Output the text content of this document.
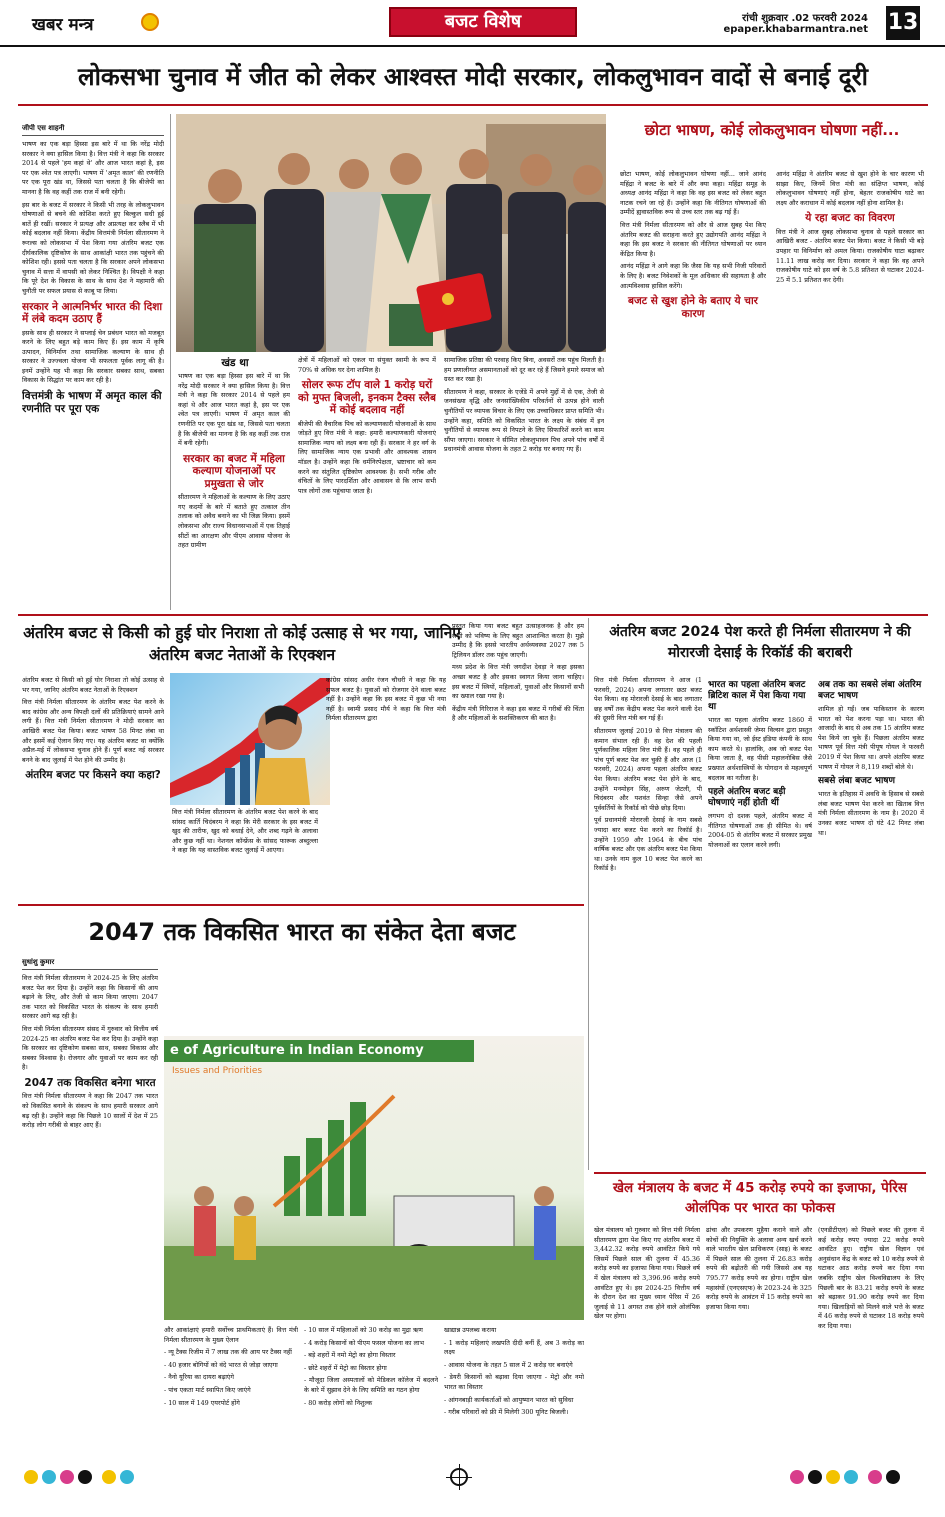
खबर मन्त्र	बजट विशेष	रांची शुक्रवार .02 फरवरी 2024
epaper.khabarmantra.net 13
लोकसभा चुनाव में जीत को लेकर आश्वस्त मोदी सरकार, लोकलुभावन वादों से बनाई दूरी
जीपी एस शाहनी

भाषण का एक बड़ा हिस्सा इस बारे में था कि नरेंद्र मोदी सरकार ने क्या हासिल किया है। वित्त मंत्री ने कहा कि सरकार 2014 से पहले 'हम कहां थे' और आज भारत कहां है, इस पर एक श्वेत पत्र लाएगी। भाषण में 'अमृत काल' की रणनीति पर एक पूरा खंड था, जिससे पता चलता है कि बीजेपी का मानना है कि वह कहीं तक राज में बनी रहेगी।

इस बार के बजट में सरकार ने किसी भी तरह के लोकलुभावन घोषणाओं से बचने की कोशिश करते हुए बिल्कुल सधी हुई बातें ही रखीं। सरकार ने प्रत्यक्ष और अप्रत्यक्ष कर स्लैब में भी कोई बदलाव नहीं किया। केंद्रीय वित्तमंत्री निर्मला सीतारमण ने रूरल्स को लोकसभा में पेश किया गया अंतरिम बजट एक दीर्घकालिक दृष्टिकोण के साथ आकांक्षी भारत तक पहुंचने की कोशिश रही। इससे पता चलता है कि सरकार अपने लोकसभा चुनाव में सत्ता में वापसी को लेकर निश्चित है। विपक्षी ने कहा कि पूरे देश के विकास के साथ के साथ देश ने महामारी की चुनौती पर सफल प्रयास से काबू पा लिया।

सरकार ने आत्मनिर्भर भारत की दिशा में लंबे कदम उठाए हैं

इसके साथ ही सरकार ने सप्लाई चेन प्रबंधन भारत को मजबूत करने के लिए बहुत बड़े काम किए हैं। इस काम में कृषि उत्पादन, विनिर्माण तथा सामाजिक कल्याण के साथ ही सरकार ने उज्ज्वला योजना भी सफलता पूर्वक लागू की है। इनमें उन्होंने यह भी कहा कि सरकार सबका साथ, सबका विकास के सिद्धांत पर काम कर रही है।

वित्तमंत्री के भाषण में अमृत काल की रणनीति पर पूरा एक
खंड था

भाषण का एक बड़ा हिस्सा इस बारे में था कि नरेंद्र मोदी सरकार ने क्या हासिल किया है। वित्त मंत्री ने कहा कि सरकार 2014 से पहले हम कहां थे और आज भारत कहां है, इस पर एक श्वेत पत्र लाएगी। भाषण में अमृत काल की रणनीति पर एक पूरा खंड था, जिससे पता चलता है कि बीजेपी का मानना है कि वह कहीं तक राज में बनी रहेगी।

सरकार का बजट में महिला कल्याण योजनाओं पर प्रमुखता से जोर

सीतारमण ने महिलाओं के कल्याण के लिए उठाए गए कदमों के बारे में बताते हुए तत्काल तीन तलाक को अवैध बनाने का भी जिक्र किया। इसमें लोकसभा और राज्य विधानसभाओं में एक तिहाई सीटों का आरक्षण और पीएम आवास योजना के तहत ग्रामीण

क्षेत्रों में महिलाओं को एकल या संयुक्त स्वामी के रूप में 70% से अधिक घर देना शामिल है।

सोलर रूफ टॉप वाले 1 करोड़ घरों को मुफ्त बिजली, इनकम टैक्स स्लैब में कोई बदलाव नहीं

बीजेपी की वैचारिक पिच को कल्याणकारी योजनाओं के साथ जोड़ते हुए वित्त मंत्री ने कहा: हमारी कल्याणकारी योजनाएं सामाजिक न्याय को लक्ष्य बना रही हैं। सरकार ने हर वर्ग के लिए सामाजिक न्याय एक प्रभावी और आवश्यक शासन मॉडल है। उन्होंने कहा कि धर्मनिरपेक्षता, भ्रष्टाचार को कम करने का संतुलित दृष्टिकोण आवश्यक है। सभी गरीब और वंचितों के लिए पारदर्शिता और आवासन से कि लाभ सभी पात्र लोगों तक पहुंचाया जाता है।

सामाजिक प्रतिष्ठा की परवाह किए बिना, अवसरों तक पहुंच मिलती है। हम प्रणालीगत असमानताओं को दूर कर रहे हैं जिसने हमारे समाज को ग्रस्त कर रखा है।

सीतारमण ने कहा, सरकार के एजेंडे में अपने मुद्दों में से एक, तेजी से जनसंख्या वृद्धि और जनसांख्यिकीय परिवर्तनों से उत्पन्न होने वाली चुनौतियों पर व्यापक विचार के लिए एक उच्चाधिकार प्राप्त समिति भी। उन्होंने कहा, समिति को विकसित भारत के लक्ष्य के संबंध में इन चुनौतियों से व्यापक रूप से निपटने के लिए सिफारिशें करने का काम सौंपा जाएगा। सरकार ने सीमित लोकलुभावन पिच अपने पांच वर्षों में प्रधानमंत्री आवास योजना के तहत 2 करोड़ घर बनाए गए हैं।

छोटा भाषण, कोई लोकलुभावन घोषणा नहीं...

छोटा भाषण, कोई लोकलुभावन घोषणा नहीं... जाने आनंद महिंद्रा ने बजट के बारे में और क्या कहा। महिंद्रा समूह के अध्यक्ष आनंद महिंद्रा ने कहा कि वह इस बजट को लेकर बहुत नाटक रचने जा रहे हैं। उन्होंने कहा कि नीतिगत घोषणाओं की उम्मीदें ह्यवास्तविक रूप से उच्च स्तर तक बढ़ गई हैं।

वित्त मंत्री निर्मला सीतारमण को और से आज सुबह पेश किए अंतरिम बजट की सराहना करते हुए उद्योगपति आनंद महिंद्रा ने कहा कि इस बजट ने सरकार की नीतिगत घोषणाओं पर ध्यान केंद्रित किया है।

आनंद महिंद्रा ने आगे कहा कि जैसा कि यह सभी निजी परिवारों के लिए है। बजट निवेशकों के मूल अधिकार की सहायता है और आत्मविश्वास हासिल करेंगे।

बजट से खुश होने के बताए ये चार कारण

आनंद महिंद्रा ने अंतरिम बजट से खुश होने के चार कारण भी साझा किए, जिनमें वित्त मंत्री का संक्षिप्त भाषण, कोई लोकलुभावन घोषणाएं नहीं होना, बेहतर राजकोषीय घाटे का लक्ष्य और कराधान में कोई बदलाव नहीं होना शामिल है।

ये रहा बजट का विवरण

वित्त मंत्री ने आज सुबह लोकसभा चुनाव से पहले सरकार का आखिरी बजट - अंतरिम बजट पेश किया। बजट ने किसी भी बड़े उपहार या विनिर्माण को अमल किया। राजकोषीय घाटा बढ़ाकर 11.11 लाख करोड़ कर दिया। सरकार ने कहा कि वह अपने राजकोषीय घाटे को इस वर्ष के 5.8 प्रतिशत से घटाकर 2024-25 में 5.1 प्रतिशत कर देगी।

अंतरिम बजट से किसी को हुई घोर निराशा तो कोई उत्साह से भर गया, जानिए अंतरिम बजट नेताओं के रिएक्शन

अंतरिम बजट से किसी को हुई घोर निराशा तो कोई उत्साह से भर गया, जानिए अंतरिम बजट नेताओं के रिएक्शन

वित्त मंत्री निर्मला सीतारमण के अंतरिम बजट पेश करने के बाद कांग्रेस और अन्य विपक्षी दलों की प्रतिक्रियाएं सामने आने लगी हैं। वित्त मंत्री निर्मला सीतारमण ने मोदी सरकार का आखिरी बजट पेश किया। बजट भाषण 58 मिनट लंबा था और इसमें कई ऐलान किए गए। यह अंतरिम बजट था क्योंकि अप्रैल-मई में लोकसभा चुनाव होने हैं। पूर्ण बजट नई सरकार बनने के बाद जुलाई में पेश होने की उम्मीद है।

अंतरिम बजट पर किसने क्या कहा?

वित्त मंत्री निर्मला सीतारमण के अंतरिम बजट पेश करने के बाद सांसद कार्ति चिदंबरम ने कहा कि मेरी सरकार के इस बजट में खुद की तारीफ, खुद को बधाई देने, और शब्द गढ़ने के अलावा और कुछ नहीं था। नेशनल कॉन्फ्रेंस के सांसद फारूक अब्दुल्ला ने कहा कि यह वास्तविक बजट जुलाई में आएगा।

कांग्रेस सांसद अधीर रंजन चौधरी ने कहा कि यह सफल बजट है। युवाओं को रोजगार देने वाला बजट नहीं है। उन्होंने कहा कि इस बजट में कुछ भी नया नहीं है। स्वामी प्रसाद मौर्य ने कहा कि वित्त मंत्री निर्मला सीतारमण द्वारा

प्रस्तुत किया गया बजट बहुत उत्साहजनक है और हम सभी को भविष्य के लिए बहुत आशान्वित करता है। मुझे उम्मीद है कि इससे भारतीय अर्थव्यवस्था 2027 तक 5 ट्रिलियन डॉलर तक पहुंच जाएगी।

मध्य प्रदेश के वित्त मंत्री जगदीश देवड़ा ने कहा इसका अच्छा बजट है और इसका स्वागत किया जाना चाहिए। इस बजट में स्त्रियों, महिलाओं, युवाओं और किसानों सभी का ख्याल रखा गया है।

केंद्रीय मंत्री गिरिराज ने कहा इस बजट में गरीबों की चिंता है और महिलाओं के सशक्तिकरण की बात है।

अंतरिम बजट 2024 पेश करते ही निर्मला सीतारमण ने की मोरारजी देसाई के रिकॉर्ड की बराबरी

वित्त मंत्री निर्मला सीतारमण ने आज (1 फरवरी, 2024) अपना लगातार छठा बजट पेश किया। वह मोरारजी देसाई के बाद लगातार छह वर्षों तक केंद्रीय बजट पेश करने वाली देश की दूसरी वित्त मंत्री बन गई हैं।

सीतारमण जुलाई 2019 से वित्त मंत्रालय की कमान संभाल रही हैं। वह देश की पहली पूर्णकालिक महिला वित्त मंत्री हैं। वह पहले ही पांच पूर्ण बजट पेश कर चुकी हैं और आज (1 फरवरी, 2024) अपना पहला अंतरिम बजट पेश किया। अंतरिम बजट पेश होने के बाद, उन्होंने मनमोहन सिंह, अरुण जेटली, पी चिदंबरम और यशवंत सिन्हा जैसे अपने पूर्ववर्तियों के रिकॉर्ड को पीछे छोड़ दिया।

पूर्व प्रधानमंत्री मोरारजी देसाई के नाम सबसे ज्यादा बार बजट पेश करने का रिकॉर्ड है। उन्होंने 1959 और 1964 के बीच पांच वार्षिक बजट और एक अंतरिम बजट पेश किया था। उनके नाम कुल 10 बजट पेश करने का रिकॉर्ड है।

भारत का पहला अंतरिम बजट ब्रिटिश काल में पेश किया गया था

भारत का पहला अंतरिम बजट 1860 में स्कॉटिश अर्थशास्त्री जेम्स विल्सन द्वारा प्रस्तुत किया गया था, जो ईस्ट इंडिया कंपनी के साथ काम करते थे। हालांकि, अब जो बजट पेश किया जाता है, वह पीसी महालनोबिस जैसे प्रख्यात अर्थशास्त्रियों के योगदान से महत्वपूर्ण बदलाव का नतीजा है।

पहले अंतरिम बजट बड़ी घोषणाएं नहीं होती थीं

लगभग दो दशक पहले, अंतरिम बजट में नीतिगत घोषणाओं तक ही सीमित थे। वर्ष 2004-05 से अंतरिम बजट में सरकार प्रमुख योजनाओं का एलान करने लगी।

अब तक का सबसे लंबा अंतरिम बजट भाषण

शामिल हो गईं। जब पाकिस्तान के कारण भारत को पेश करना पड़ा था। भारत की आजादी के बाद से अब तक 15 अंतरिम बजट पेश किये जा चुके हैं। पिछला अंतरिम बजट भाषण पूर्व वित्त मंत्री पीयूष गोयल ने फरवरी 2019 में पेश किया था। अपने अंतरिम बजट भाषण में गोयल ने 8,119 शब्दों बोले थे।

सबसे लंबा बजट भाषण

भारत के इतिहास में अवधि के हिसाब से सबसे लंबा बजट भाषण पेश करने का खिताब वित्त मंत्री निर्मला सीतारमण के नाम है। 2020 में उनका बजट भाषण दो घंटे 42 मिनट लंबा था।

2047 तक विकसित भारत का संकेत देता बजट
सुधांशु कुमार

वित्त मंत्री निर्मला सीतारमण ने 2024-25 के लिए अंतरिम बजट पेश कर दिया है। उन्होंने कहा कि किसानों की आय बढ़ाने के लिए, और तेजी से काम किया जाएगा। 2047 तक भारत को विकसित भारत के संकल्प के साथ हमारी सरकार आगे बढ़ रही है।

वित्त मंत्री निर्मला सीतारमण संसद में गुरुवार को वित्तीय वर्ष 2024-25 का अंतरिम बजट पेश कर दिया है। उन्होंने कहा कि सरकार का दृष्टिकोण सबका साथ, सबका विकास और सबका विश्वास है। रोजगार और युवाओं पर काम कर रही है।

2047 तक विकसित बनेगा भारत

वित्त मंत्री निर्मला सीतारमण ने कहा कि 2047 तक भारत को विकसित बनाने के संकल्प के साथ हमारी सरकार आगे बढ़ रही है। उन्होंने कहा कि पिछले 10 सालों में देश में 25 करोड़ लोग गरीबी से बाहर आए हैं।

e of Agriculture in Indian Economy
Issues and Priorities

और आकांक्षाएं हमारी सर्वोच्च प्राथमिकताएं हैं। वित्त मंत्री निर्मला सीतारमण के मुख्य ऐलान

- न्यू टैक्स रिजीम में 7 लाख तक की आय पर टैक्स नहीं

- 40 हजार बोगियों को वंदे भारत से जोड़ा जाएगा

- नैनो यूरिया का दायरा बढ़ाएंगे

- पांच एकता मार्ट स्थापित किए जाएंगे

- 10 साल में 149 एयरपोर्ट होंगे

- 10 साल में महिलाओं को 30 करोड़ का मुद्रा ऋण

- 4 करोड़ किसानों को पीएम फसल योजना का लाभ

- बड़े शहरों में नमो मेट्रो का होगा विस्तार

- छोटे शहरों में मेट्रो का विस्तार होगा

- मौजूदा जिला अस्पतालों को मेडिकल कॉलेज में बदलने के बारे में सुझाव देने के लिए समिति का गठन होगा

- 80 करोड़ लोगों को निशुल्क

खाद्यान्न उपलब्ध कराया

- 1 करोड़ महिलाएं लखपति दीदी बनीं हैं, अब 3 करोड़ का लक्ष्य

- आवास योजना के तहत 5 साल में 2 करोड़ घर बनाएंगे

- डेयरी किसानों को बढ़ावा दिया जाएगा - मेट्रो और नमो भारत का विस्तार

- आंगनबाड़ी कार्यकर्ताओं को आयुष्मान भारत को सुविधा

- गरीब परिवारों को फ्री में मिलेगी 300 यूनिट बिजली।

खेल मंत्रालय के बजट में 45 करोड़ रुपये का इजाफा, पेरिस ओलंपिक पर भारत का फोकस

खेल मंत्रालय को गुरुवार को वित्त मंत्री निर्मला सीतारमण द्वारा पेश किए गए अंतरिम बजट में 3,442.32 करोड़ रुपये आवंटित किये गये जिसमें पिछले साल की तुलना में 45.36 करोड़ रुपये का इजाफा किया गया। पिछले वर्ष में खेल मंत्रालय को 3,396.96 करोड़ रुपये आवंटित हुए थे। इस 2024-25 वित्तीय वर्ष के दौरान देश का मुख्य ध्यान पेरिस में 26 जुलाई से 11 अगस्त तक होने वाले ओलंपिक खेल पर होगा।

ढांचा और उपकरण मुहैया कराने वाले और कोचों की नियुक्ति के अलावा अन्य खर्च करने वाले भारतीय खेल प्राधिकरण (साइ) के बजट में पिछले साल की तुलना में 26.83 करोड़ रुपये की बढ़ोतरी की गयी जिससे अब यह 795.77 करोड़ रुपये का होगा। राष्ट्रीय खेल महासंघों (एनएसएफ) के 2023-24 के 325 करोड़ रुपये के आवंटन में 15 करोड़ रुपये का इजाफा किया गया।

(एनडीटीएल) को पिछले बजट की तुलना में कई करोड़ रुपए ज्यादा 22 करोड़ रुपये आवंटित हुए। राष्ट्रीय खेल विज्ञान एवं अनुसंधान केंद्र के बजट को 10 करोड़ रुपये से घटाकर आठ करोड़ रुपये कर दिया गया जबकि राष्ट्रीय खेल विश्वविद्यालय के लिए पिछली बार के 83.21 करोड़ रुपये के बजट को बढ़ाकर 91.90 करोड़ रुपये कर दिया गया। खिलाड़ियों को मिलने वाले भत्ते के बजट में 46 करोड़ रुपये से घटाकर 18 करोड़ रुपये कर दिया गया।
